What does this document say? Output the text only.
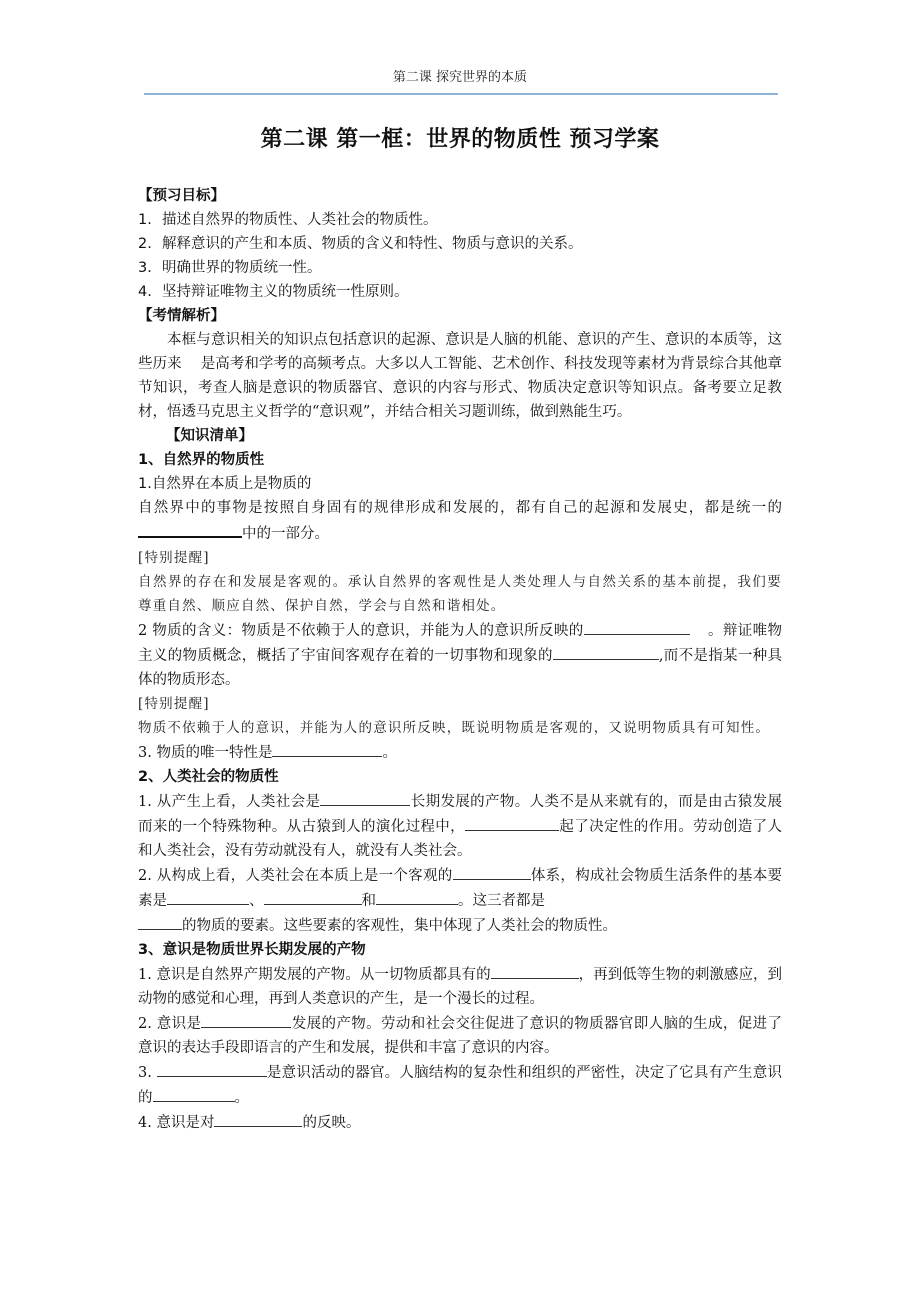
第二课 探究世界的本质
第二课 第一框：世界的物质性 预习学案

【预习目标】

1. 描述自然界的物质性、人类社会的物质性。

2. 解释意识的产生和本质、物质的含义和特性、物质与意识的关系。

3. 明确世界的物质统一性。

4. 坚持辩证唯物主义的物质统一性原则。

【考情解析】

本框与意识相关的知识点包括意识的起源、意识是人脑的机能、意识的产生、意识的本质等，这些历来　 是高考和学考的高频考点。大多以人工智能、艺术创作、科技发现等素材为背景综合其他章节知识，考查人脑是意识的物质器官、意识的内容与形式、物质决定意识等知识点。备考要立足教材，悟透马克思主义哲学的“意识观”，并结合相关习题训练，做到熟能生巧。

【知识清单】

1、自然界的物质性

1.自然界在本质上是物质的

自然界中的事物是按照自身固有的规律形成和发展的，都有自己的起源和发展史，都是统一的中的一部分。

[特别提醒]

自然界的存在和发展是客观的。承认自然界的客观性是人类处理人与自然关系的基本前提，我们要尊重自然、顺应自然、保护自然，学会与自然和谐相处。

2 物质的含义：物质是不依赖于人的意识，并能为人的意识所反映的	。辩证唯物主义的物质概念，概括了宇宙间客观存在着的一切事物和现象的	,而不是指某一种具体的物质形态。

[特别提醒]

物质不依赖于人的意识，并能为人的意识所反映，既说明物质是客观的，又说明物质具有可知性。

3. 物质的唯一特性是	。

2、人类社会的物质性

1. 从产生上看，人类社会是	长期发展的产物。人类不是从来就有的，而是由古猿发展而来的一个特殊物种。从古猿到人的演化过程中，	起了决定性的作用。劳动创造了人和人类社会，没有劳动就没有人，就没有人类社会。

2. 从构成上看，人类社会在本质上是一个客观的	体系，构成社会物质生活条件的基本要素是	、	和	。这三者都是
的物质的要素。这些要素的客观性，集中体现了人类社会的物质性。

3、意识是物质世界长期发展的产物

1. 意识是自然界产期发展的产物。从一切物质都具有的	，再到低等生物的刺激感应，到动物的感觉和心理，再到人类意识的产生，是一个漫长的过程。

2. 意识是	发展的产物。劳动和社会交往促进了意识的物质器官即人脑的生成，促进了意识的表达手段即语言的产生和发展，提供和丰富了意识的内容。

3.	是意识活动的器官。人脑结构的复杂性和组织的严密性，决定了它具有产生意识的	。

4. 意识是对	的反映。
